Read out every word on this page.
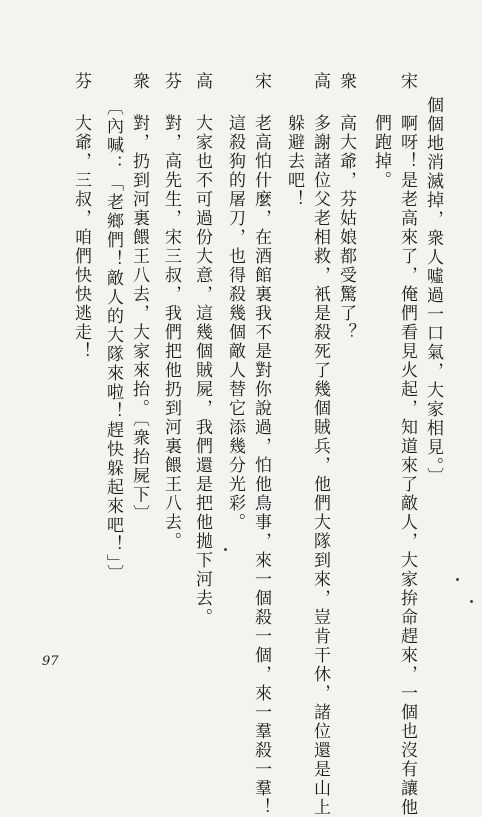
個個地消滅掉，衆人噓過一口氣，大家相見。〕
宋
啊呀！是老高來了，俺們看見火起，知道來了敵人，大家拚命趕來，一個也沒有讓他
們跑掉。
衆
高大爺，芬姑娘都受驚了？
高
多謝諸位父老相救，衹是殺死了幾個賊兵，他們大隊到來，豈肯干休，諸位還是山上
躲避去吧！
宋
老高怕什麼，在酒館裏我不是對你說過，怕他鳥事，來一個殺一個，來一羣殺一羣！
這殺狗的屠刀，也得殺幾個敵人替它添幾分光彩。
高
大家也不可過份大意，這幾個賊屍，我們還是把他拋下河去。
芬
對，高先生，宋三叔，我們把他扔到河裏餵王八去。
衆
對，扔到河裏餵王八去，大家來抬。〔衆抬屍下〕
〔內喊：「老鄉們！敵人的大隊來啦！趕快躲起來吧！」〕
芬
大爺，三叔，咱們快快逃走！
97
